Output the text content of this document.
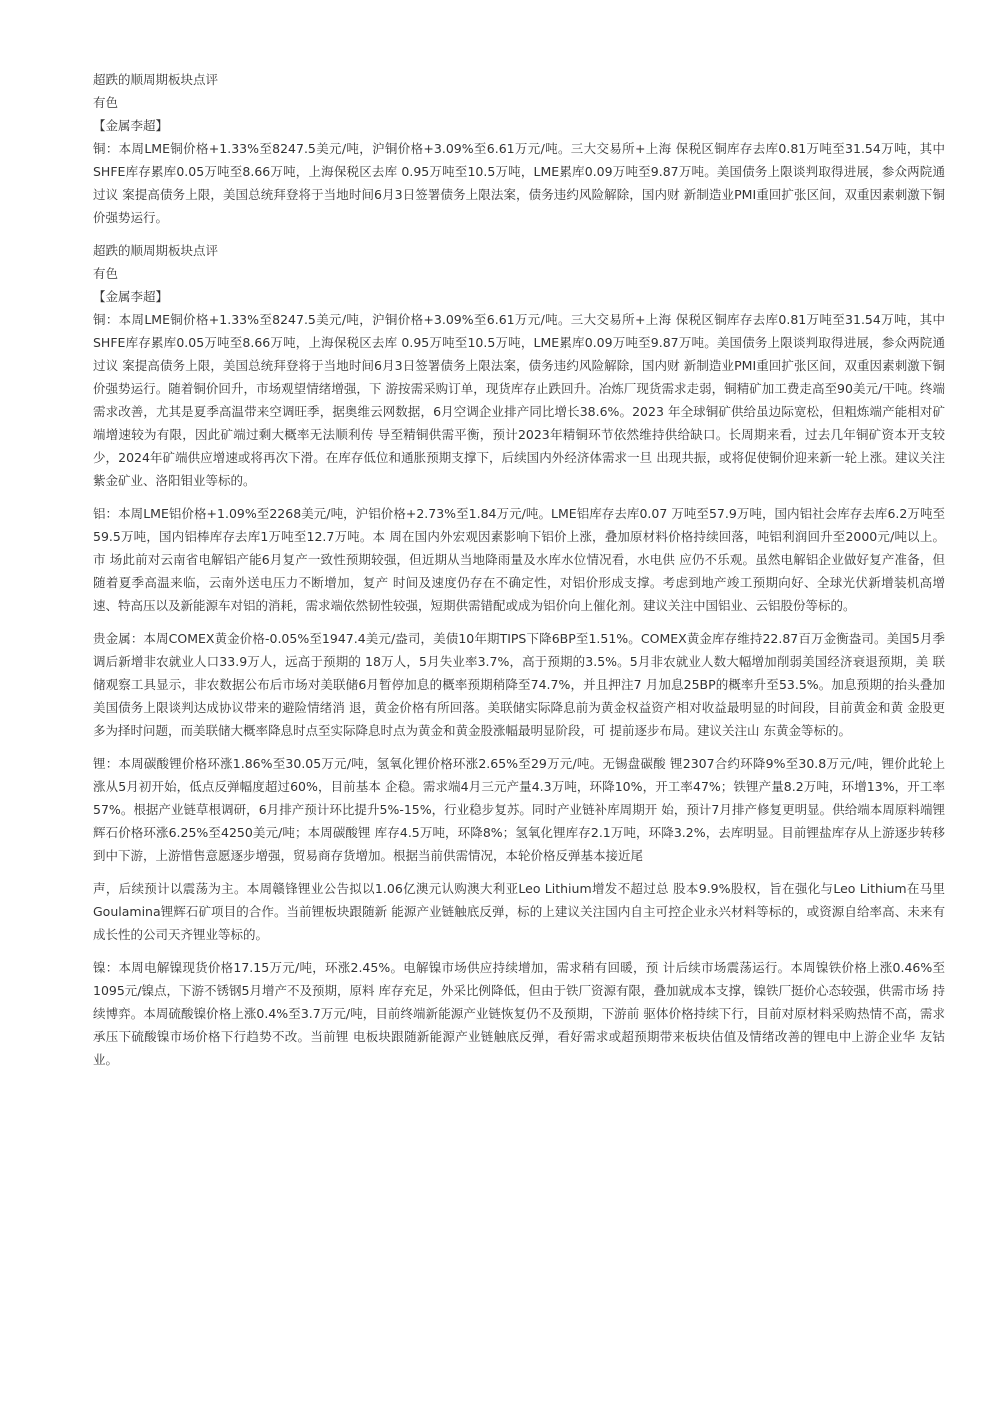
超跌的顺周期板块点评
有色
【金属李超】

铜：本周LME铜价格+1.33%至8247.5美元/吨，沪铜价格+3.09%至6.61万元/吨。三大交易所+上海 保税区铜库存去库0.81万吨至31.54万吨，其中SHFE库存累库0.05万吨至8.66万吨，上海保税区去库 0.95万吨至10.5万吨，LME累库0.09万吨至9.87万吨。美国债务上限谈判取得进展，参众两院通过议 案提高债务上限，美国总统拜登将于当地时间6月3日签署债务上限法案，债务违约风险解除，国内财 新制造业PMI重回扩张区间，双重因素刺激下铜价强势运行。

超跌的顺周期板块点评
有色
【金属李超】

铜：本周LME铜价格+1.33%至8247.5美元/吨，沪铜价格+3.09%至6.61万元/吨。三大交易所+上海 保税区铜库存去库0.81万吨至31.54万吨，其中SHFE库存累库0.05万吨至8.66万吨，上海保税区去库 0.95万吨至10.5万吨，LME累库0.09万吨至9.87万吨。美国债务上限谈判取得进展，参众两院通过议 案提高债务上限，美国总统拜登将于当地时间6月3日签署债务上限法案，债务违约风险解除，国内财 新制造业PMI重回扩张区间，双重因素刺激下铜价强势运行。随着铜价回升，市场观望情绪增强，下 游按需采购订单，现货库存止跌回升。冶炼厂现货需求走弱，铜精矿加工费走高至90美元/干吨。终端 需求改善，尤其是夏季高温带来空调旺季，据奥维云网数据，6月空调企业排产同比增长38.6%。2023 年全球铜矿供给虽边际宽松，但粗炼端产能相对矿端增速较为有限，因此矿端过剩大概率无法顺利传 导至精铜供需平衡，预计2023年精铜环节依然维持供给缺口。长周期来看，过去几年铜矿资本开支较 少，2024年矿端供应增速或将再次下滑。在库存低位和通胀预期支撑下，后续国内外经济体需求一旦 出现共振，或将促使铜价迎来新一轮上涨。建议关注紫金矿业、洛阳钼业等标的。

铝：本周LME铝价格+1.09%至2268美元/吨，沪铝价格+2.73%至1.84万元/吨。LME铝库存去库0.07 万吨至57.9万吨，国内铝社会库存去库6.2万吨至59.5万吨，国内铝棒库存去库1万吨至12.7万吨。本 周在国内外宏观因素影响下铝价上涨，叠加原材料价格持续回落，吨铝利润回升至2000元/吨以上。市 场此前对云南省电解铝产能6月复产一致性预期较强，但近期从当地降雨量及水库水位情况看，水电供 应仍不乐观。虽然电解铝企业做好复产准备，但随着夏季高温来临，云南外送电压力不断增加，复产 时间及速度仍存在不确定性，对铝价形成支撑。考虑到地产竣工预期向好、全球光伏新增装机高增 速、特高压以及新能源车对铝的消耗，需求端依然韧性较强，短期供需错配或成为铝价向上催化剂。建议关注中国铝业、云铝股份等标的。

贵金属：本周COMEX黄金价格-0.05%至1947.4美元/盎司，美债10年期TIPS下降6BP至1.51%。COMEX黄金库存维持22.87百万金衡盎司。美国5月季调后新增非农就业人口33.9万人，远高于预期的 18万人，5月失业率3.7%，高于预期的3.5%。5月非农就业人数大幅增加削弱美国经济衰退预期，美 联储观察工具显示，非农数据公布后市场对美联储6月暂停加息的概率预期稍降至74.7%，并且押注7 月加息25BP的概率升至53.5%。加息预期的抬头叠加美国债务上限谈判达成协议带来的避险情绪消 退，黄金价格有所回落。美联储实际降息前为黄金权益资产相对收益最明显的时间段，目前黄金和黄 金股更多为择时问题，而美联储大概率降息时点至实际降息时点为黄金和黄金股涨幅最明显阶段，可 提前逐步布局。建议关注山 东黄金等标的。

锂：本周碳酸锂价格环涨1.86%至30.05万元/吨，氢氧化锂价格环涨2.65%至29万元/吨。无锡盘碳酸 锂2307合约环降9%至30.8万元/吨，锂价此轮上涨从5月初开始，低点反弹幅度超过60%，目前基本 企稳。需求端4月三元产量4.3万吨，环降10%，开工率47%；铁锂产量8.2万吨，环增13%，开工率 57%。根据产业链草根调研，6月排产预计环比提升5%-15%，行业稳步复苏。同时产业链补库周期开 始，预计7月排产修复更明显。供给端本周原料端锂辉石价格环涨6.25%至4250美元/吨；本周碳酸锂 库存4.5万吨，环降8%；氢氧化锂库存2.1万吨，环降3.2%，去库明显。目前锂盐库存从上游逐步转移 到中下游，上游惜售意愿逐步增强，贸易商存货增加。根据当前供需情况，本轮价格反弹基本接近尾

声，后续预计以震荡为主。本周赣锋锂业公告拟以1.06亿澳元认购澳大利亚Leo Lithium增发不超过总 股本9.9%股权，旨在强化与Leo Lithium在马里Goulamina锂辉石矿项目的合作。当前锂板块跟随新 能源产业链触底反弹，标的上建议关注国内自主可控企业永兴材料等标的，或资源自给率高、未来有 成长性的公司天齐锂业等标的。

镍：本周电解镍现货价格17.15万元/吨，环涨2.45%。电解镍市场供应持续增加，需求稍有回暖，预 计后续市场震荡运行。本周镍铁价格上涨0.46%至1095元/镍点，下游不锈钢5月增产不及预期，原料 库存充足，外采比例降低，但由于铁厂资源有限，叠加就成本支撑，镍铁厂挺价心态较强，供需市场 持续博弈。本周硫酸镍价格上涨0.4%至3.7万元/吨，目前终端新能源产业链恢复仍不及预期，下游前 驱体价格持续下行，目前对原材料采购热情不高，需求承压下硫酸镍市场价格下行趋势不改。当前锂 电板块跟随新能源产业链触底反弹，看好需求或超预期带来板块估值及情绪改善的锂电中上游企业华 友钴业。
